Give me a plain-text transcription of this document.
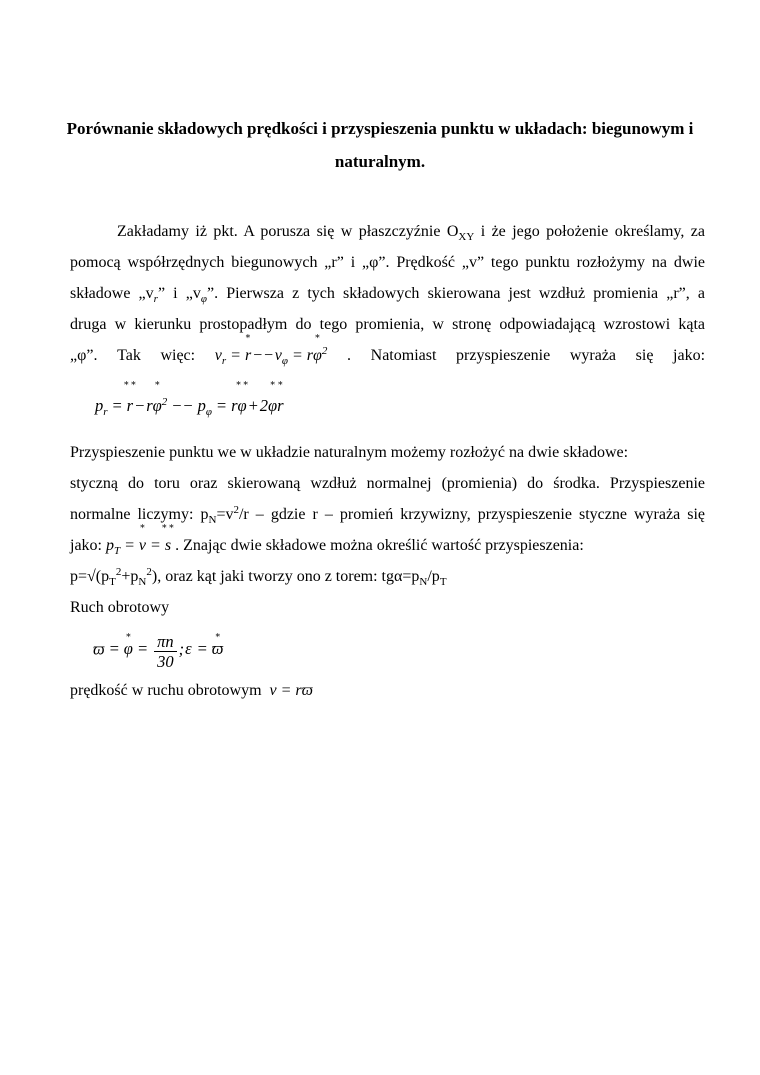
Porównanie składowych prędkości i przyspieszenia punktu w układach: biegunowym i
naturalnym.
Zakładamy iż pkt. A porusza się w płaszczyźnie $O_{XY}$ i że jego położenie określamy, za
pomocą współrzędnych biegunowych „r” i „φ”. Prędkość „v” tego punktu rozłożymy na dwie
składowe $„v_r$” i $„v_\varphi$”. Pierwsza z tych składowych skierowana jest wzdłuż promienia „r”, a
druga w kierunku prostopadłym do tego promienia, w stronę odpowiadającą wzrostowi kąta
„φ”. Tak więc: $v_r$ =
∗
$r--v_\varphi = r$
∗
$\varphi^2$ . Natomiast przyspieszenie wyraża się jako:
$p_r$ =
∗∗
r−r
∗
$\varphi^2 -- p_\varphi = r$
∗∗
φ+2
∗
φ
∗
r
Przyspieszenie punktu we w układzie naturalnym możemy rozłożyć na dwie składowe:
styczną do toru oraz skierowaną wzdłuż normalnej (promienia) do środka. Przyspieszenie
normalne liczymy: $p_N=v^2/r$ – gdzie r – promień krzywizny, przyspieszenie styczne wyraża się
jako: $p_T$ =
∗
v =
∗∗
s . Znając dwie składowe można określić wartość przyspieszenia:
$p=√(p_T^2+p_N^2)$, oraz kąt jaki tworzy ono z torem: $tg\alpha=p_N/p_T$
Ruch obrotowy
ϖ =
∗
$\varphi = \frac{\pi n}{30}$ ;ε =
∗
ϖ
prędkość w ruchu obrotowym v = rϖ
